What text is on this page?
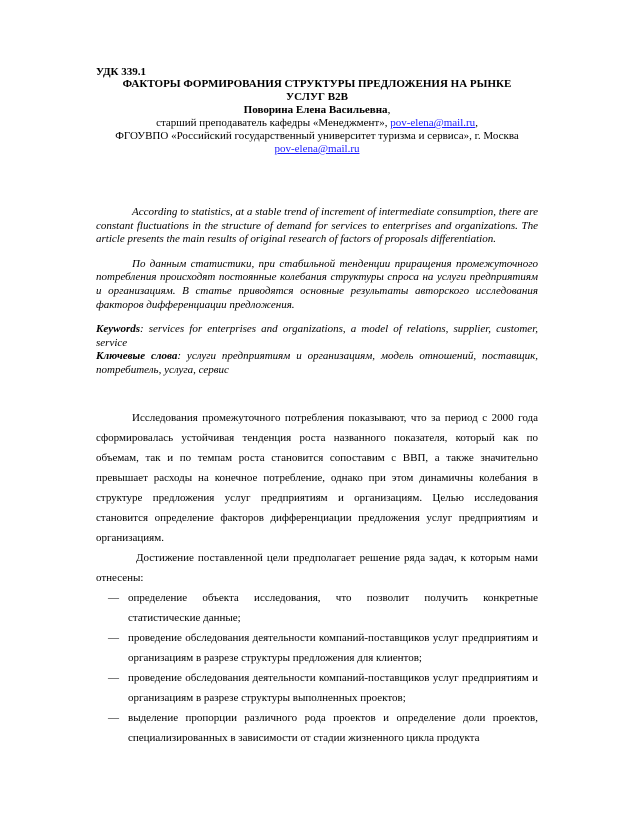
УДК 339.1
ФАКТОРЫ ФОРМИРОВАНИЯ СТРУКТУРЫ ПРЕДЛОЖЕНИЯ НА РЫНКЕ
УСЛУГ В2В
Поворина Елена Васильевна,
старший преподаватель кафедры «Менеджмент», pov-elena@mail.ru,
ФГОУВПО «Российский государственный университет туризма и сервиса», г. Москва
pov-elena@mail.ru

According to statistics, at a stable trend of increment of intermediate consumption, there are constant fluctuations in the structure of demand for services to enterprises and organizations. The article presents the main results of original research of factors of proposals differentiation.

По данным статистики, при стабильной тенденции приращения промежуточного потребления происходят постоянные колебания структуры спроса на услуги предприятиям и организациям. В статье приводятся основные результаты авторского исследования факторов дифференциации предложения.

Keywords: services for enterprises and organizations, a model of relations, supplier, customer, service

Ключевые слова: услуги предприятиям и организациям, модель отношений, поставщик, потребитель, услуга, сервис

Исследования промежуточного потребления показывают, что за период с 2000 года сформировалась устойчивая тенденция роста названного показателя, который как по объемам, так и по темпам роста становится сопоставим с ВВП, а также значительно превышает расходы на конечное потребление, однако при этом динамичны колебания в структуре предложения услуг предприятиям и организациям. Целью исследования становится определение факторов дифференциации предложения услуг предприятиям и организациям.

Достижение поставленной цели предполагает решение ряда задач, к которым нами отнесены:

— определение объекта исследования, что позволит получить конкретные статистические данные;
— проведение обследования деятельности компаний-поставщиков услуг предприятиям и организациям в разрезе структуры предложения для клиентов;
— проведение обследования деятельности компаний-поставщиков услуг предприятиям и организациям в разрезе структуры выполненных проектов;
— выделение пропорции различного рода проектов и определение доли проектов, специализированных в зависимости от стадии жизненного цикла продукта
